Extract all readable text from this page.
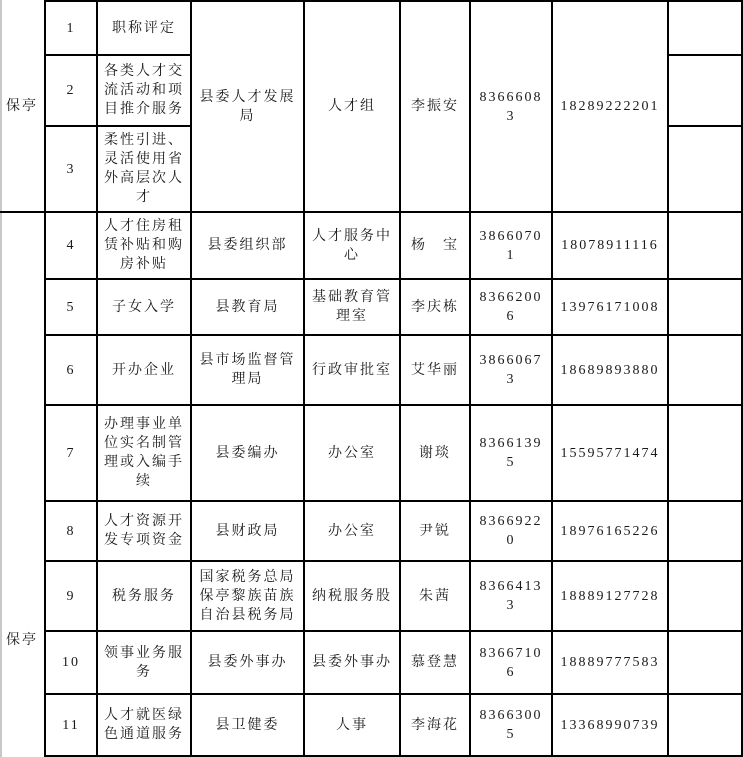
保亭	1	职称评定	县委人才发展局	人才组	李振安	83666083	18289222201	
	2	各类人才交流活动和项目推介服务						
	3	柔性引进、灵活使用省外高层次人才						
保亭	4	人才住房租赁补贴和购房补贴	县委组织部	人才服务中心	杨　宝	38660701	18078911116	
	5	子女入学	县教育局	基础教育管理室	李庆栋	83662006	13976171008	
	6	开办企业	县市场监督管理局	行政审批室	艾华丽	38660673	18689893880	
	7	办理事业单位实名制管理或入编手续	县委编办	办公室	谢琰	83661395	15595771474	
	8	人才资源开发专项资金	县财政局	办公室	尹锐	83669220	18976165226	
	9	税务服务	国家税务总局保亭黎族苗族自治县税务局	纳税服务股	朱茜	83664133	18889127728	
	10	领事业务服务	县委外事办	县委外事办	慕登慧	83667106	18889777583	
	11	人才就医绿色通道服务	县卫健委	人事	李海花	83663005	13368990739	
